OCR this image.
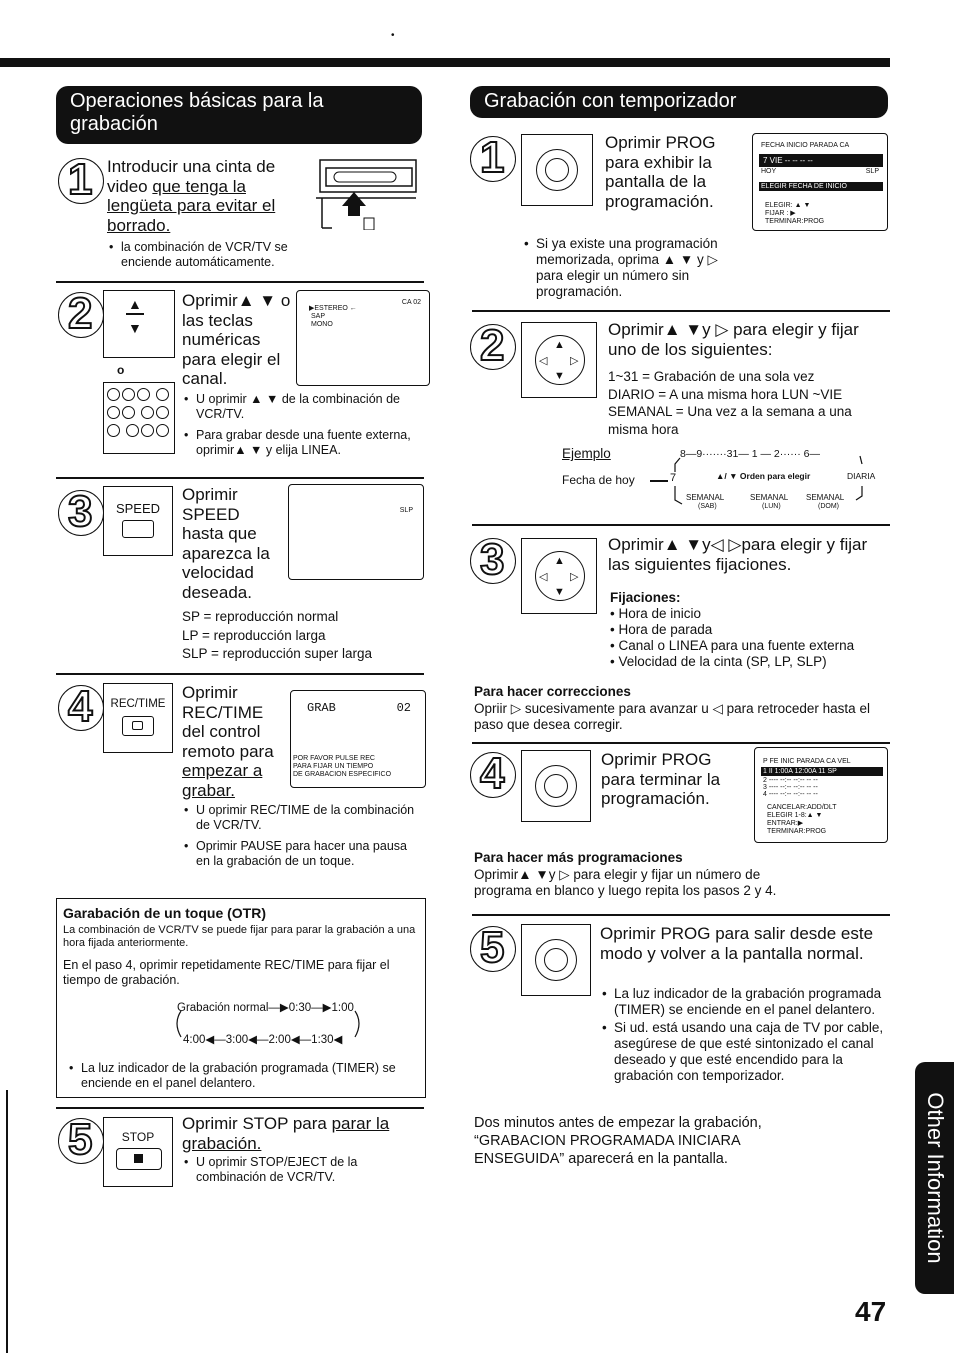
•
Operaciones básicas para la grabación
1 Introducir una cinta de video que tenga la lengüeta para evitar el borrado.
• la combinación de VCR/TV se enciende automáticamente.
2	▲
▼
o

Oprimir▲ ▼ o las teclas numéricas para elegir el canal.
▶ESTEREO ←
SAP
MONO
CA 02
• U oprimir ▲ ▼ de la combinación de VCR/TV.
• Para grabar desde una fuente externa, oprimir▲ ▼ y elija LINEA.
3	SPEED
Oprimir SPEED hasta que aparezca la velocidad deseada.
SLP
SP = reproducción normal
LP = reproducción larga
SLP = reproducción super larga
4	REC/TIME
Oprimir REC/TIME del control remoto para empezar a grabar.
GRAB	02
POR FAVOR PULSE REC
PARA FIJAR UN TIEMPO
DE GRABACION ESPECIFICO
• U oprimir REC/TIME de la combinación de VCR/TV.
• Oprimir PAUSE para hacer una pausa en la grabación de un toque.
Garabación de un toque (OTR)
La combinación de VCR/TV se puede fijar para parar la grabación a una hora fijada anteriormente.
En el paso 4, oprimir repetidamente REC/TIME para fijar el tiempo de grabación.
Grabación normal—▶0:30—▶1:00
4:00◀—3:00◀—2:00◀—1:30◀
• La luz indicador de la grabación programada (TIMER) se enciende en el panel delantero.
5	STOP
Oprimir STOP para parar la grabación.
• U oprimir STOP/EJECT de la combinación de VCR/TV.
Grabación con temporizador
1	Oprimir PROG para exhibir la pantalla de la programación.
FECHA INICIO PARADA CA
7 VIE -- -- -- --
HOY	SLP
ELEGIR FECHA DE INICIO
ELEGIR: ▲ ▼
FIJAR : ▶
TERMINAR:PROG
• Si ya existe una programación memorizada, oprima ▲ ▼ y ▷ para elegir un número sin programación.
2	▲
▼
◁ ▷
Oprimir▲ ▼y ▷ para elegir y fijar uno de los siguientes:
1~31 = Grabación de una sola vez
DIARIO = A una misma hora LUN ~VIE
SEMANAL = Una vez a la semana a una misma hora
Ejemplo	8—9·······31— 1 — 2······ 6—
Fecha de hoy	7	▲/ ▼ Orden para elegir	DIARIA
SEMANAL	SEMANAL SEMANAL
(SAB)	(LUN)	(DOM)
3	▲
▼
◁ ▷
Oprimir▲ ▼y◁ ▷para elegir y fijar las siguientes fijaciones.
Fijaciones:
• Hora de inicio
• Hora de parada
• Canal o LINEA para una fuente externa
• Velocidad de la cinta (SP, LP, SLP)
Para hacer correcciones
Opriir ▷ sucesivamente para avanzar u ◁ para retroceder hasta el paso que desea corregir.
4	Oprimir PROG para terminar la programación.
P FE INIC PARADA CA VEL
1 II 1:00A 12:00A 11 SP
2 ---- --:-- --:-- -- --
3 ---- --:-- --:-- -- --
4 ---- --:-- --:-- -- --
CANCELAR:ADD/DLT
ELEGIR 1-8:▲ ▼
ENTRAR:▶
TERMINAR:PROG
Para hacer más programaciones
Oprimir▲ ▼y ▷ para elegir y fijar un número de programa en blanco y luego repita los pasos 2 y 4.
5	Oprimir PROG para salir desde este modo y volver a la pantalla normal.
• La luz indicador de la grabación programada (TIMER) se enciende en el panel delantero.
• Si ud. está usando una caja de TV por cable, asegúrese de que esté sintonizado el canal deseado y que esté encendido para la grabación con temporizador.
Dos minutos antes de empezar la grabación, “GRABACION PROGRAMADA INICIARA ENSEGUIDA” aparecerá en la pantalla.	Other Information
47
